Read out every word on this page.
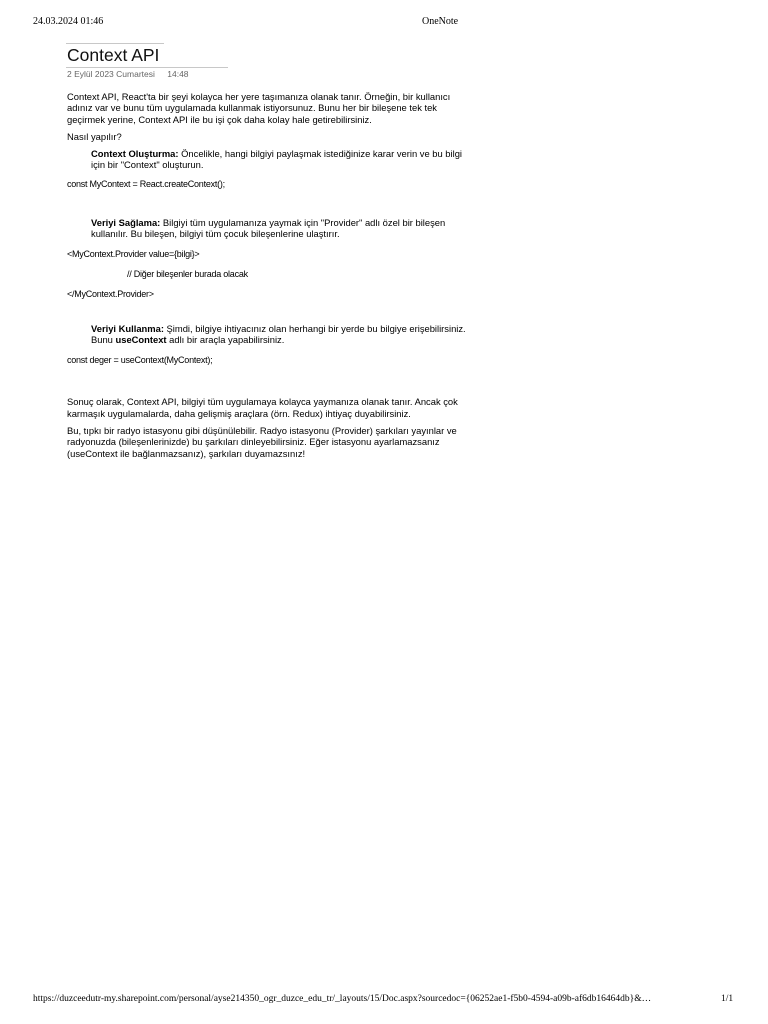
24.03.2024 01:46	OneNote
Context API
2 Eylül 2023 Cumartesi 14:48

Context API, React'ta bir şeyi kolayca her yere taşımanıza olanak tanır. Örneğin, bir kullanıcı adınız var ve bunu tüm uygulamada kullanmak istiyorsunuz. Bunu her bir bileşene tek tek geçirmek yerine, Context API ile bu işi çok daha kolay hale getirebilirsiniz.

Nasıl yapılır?

Context Oluşturma: Öncelikle, hangi bilgiyi paylaşmak istediğinize karar verin ve bu bilgi için bir "Context" oluşturun.

const MyContext = React.createContext();

Veriyi Sağlama: Bilgiyi tüm uygulamanıza yaymak için "Provider" adlı özel bir bileşen kullanılır. Bu bileşen, bilgiyi tüm çocuk bileşenlerine ulaştırır.

<MyContext.Provider value={bilgi}>

// Diğer bileşenler burada olacak

</MyContext.Provider>

Veriyi Kullanma: Şimdi, bilgiye ihtiyacınız olan herhangi bir yerde bu bilgiye erişebilirsiniz. Bunu useContext adlı bir araçla yapabilirsiniz.

const deger = useContext(MyContext);

Sonuç olarak, Context API, bilgiyi tüm uygulamaya kolayca yaymanıza olanak tanır. Ancak çok karmaşık uygulamalarda, daha gelişmiş araçlara (örn. Redux) ihtiyaç duyabilirsiniz.

Bu, tıpkı bir radyo istasyonu gibi düşünülebilir. Radyo istasyonu (Provider) şarkıları yayınlar ve radyonuzda (bileşenlerinizde) bu şarkıları dinleyebilirsiniz. Eğer istasyonu ayarlamazsanız (useContext ile bağlanmazsanız), şarkıları duyamazsınız!

https://duzceedutr-my.sharepoint.com/personal/ayse214350_ogr_duzce_edu_tr/_layouts/15/Doc.aspx?sourcedoc={06252ae1-f5b0-4594-a09b-af6db16464db}&…	1/1
